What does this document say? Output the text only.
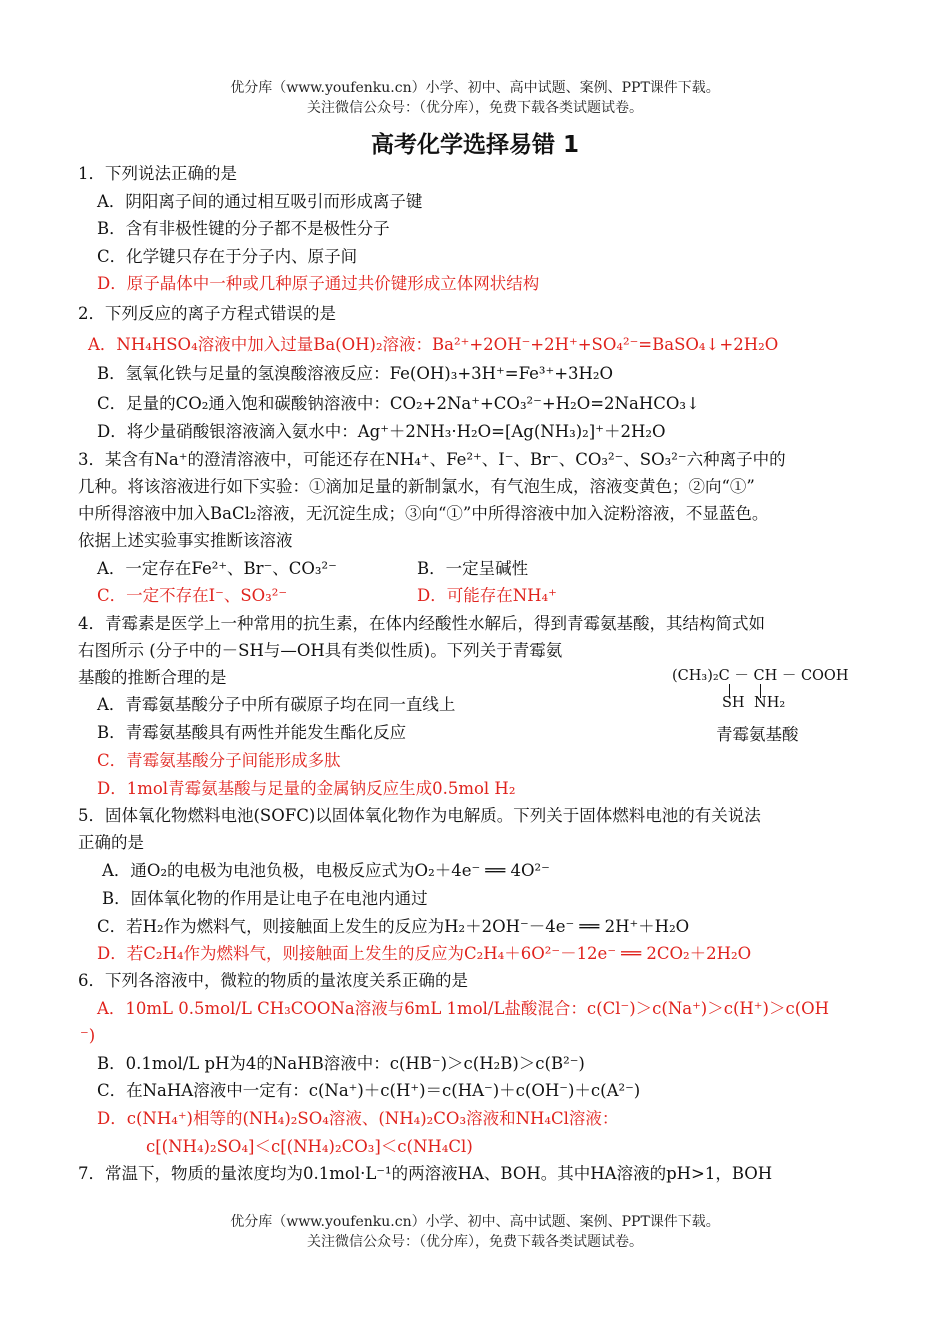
优分库（www.youfenku.cn）小学、初中、高中试题、案例、PPT课件下载。
关注微信公众号：（优分库），免费下载各类试题试卷。
高考化学选择易错 1
1．下列说法正确的是
A．阴阳离子间的通过相互吸引而形成离子键
B．含有非极性键的分子都不是极性分子
C．化学键只存在于分子内、原子间
D．原子晶体中一种或几种原子通过共价键形成立体网状结构
2．下列反应的离子方程式错误的是
A．NH₄HSO₄溶液中加入过量Ba(OH)₂溶液：Ba²⁺+2OH⁻+2H⁺+SO₄²⁻=BaSO₄↓+2H₂O
B．氢氧化铁与足量的氢溴酸溶液反应：Fe(OH)₃+3H⁺=Fe³⁺+3H₂O
C．足量的CO₂通入饱和碳酸钠溶液中：CO₂+2Na⁺+CO₃²⁻+H₂O=2NaHCO₃↓
D．将少量硝酸银溶液滴入氨水中：Ag⁺＋2NH₃·H₂O=[Ag(NH₃)₂]⁺＋2H₂O
3．某含有Na⁺的澄清溶液中，可能还存在NH₄⁺、Fe²⁺、I⁻、Br⁻、CO₃²⁻、SO₃²⁻六种离子中的
几种。将该溶液进行如下实验：①滴加足量的新制氯水，有气泡生成，溶液变黄色；②向“①”
中所得溶液中加入BaCl₂溶液，无沉淀生成；③向“①”中所得溶液中加入淀粉溶液，不显蓝色。
依据上述实验事实推断该溶液
A．一定存在Fe²⁺、Br⁻、CO₃²⁻	B．一定呈碱性
C．一定不存在I⁻、SO₃²⁻	D．可能存在NH₄⁺
4．青霉素是医学上一种常用的抗生素，在体内经酸性水解后，得到青霉氨基酸，其结构简式如
右图所示 (分子中的－SH与—OH具有类似性质)。下列关于青霉氨
基酸的推断合理的是
A．青霉氨基酸分子中所有碳原子均在同一直线上
B．青霉氨基酸具有两性并能发生酯化反应
C．青霉氨基酸分子间能形成多肽
D．1mol青霉氨基酸与足量的金属钠反应生成0.5mol H₂
(CH₃)₂C － CH － COOH
SH NH₂
青霉氨基酸
5．固体氧化物燃料电池(SOFC)以固体氧化物作为电解质。下列关于固体燃料电池的有关说法
正确的是
A．通O₂的电极为电池负极，电极反应式为O₂＋4e⁻ ══ 4O²⁻
B．固体氧化物的作用是让电子在电池内通过
C．若H₂作为燃料气，则接触面上发生的反应为H₂＋2OH⁻－4e⁻ ══ 2H⁺＋H₂O
D．若C₂H₄作为燃料气，则接触面上发生的反应为C₂H₄＋6O²⁻－12e⁻ ══ 2CO₂＋2H₂O
6．下列各溶液中，微粒的物质的量浓度关系正确的是
A．10mL 0.5mol/L CH₃COONa溶液与6mL 1mol/L盐酸混合：c(Cl⁻)＞c(Na⁺)＞c(H⁺)＞c(OH
⁻)
B．0.1mol/L pH为4的NaHB溶液中：c(HB⁻)＞c(H₂B)＞c(B²⁻)
C．在NaHA溶液中一定有：c(Na⁺)＋c(H⁺)＝c(HA⁻)＋c(OH⁻)＋c(A²⁻)
D．c(NH₄⁺)相等的(NH₄)₂SO₄溶液、(NH₄)₂CO₃溶液和NH₄Cl溶液：
c[(NH₄)₂SO₄]＜c[(NH₄)₂CO₃]＜c(NH₄Cl)
7．常温下，物质的量浓度均为0.1mol·L⁻¹的两溶液HA、BOH。其中HA溶液的pH>1，BOH
优分库（www.youfenku.cn）小学、初中、高中试题、案例、PPT课件下载。
关注微信公众号：（优分库），免费下载各类试题试卷。
